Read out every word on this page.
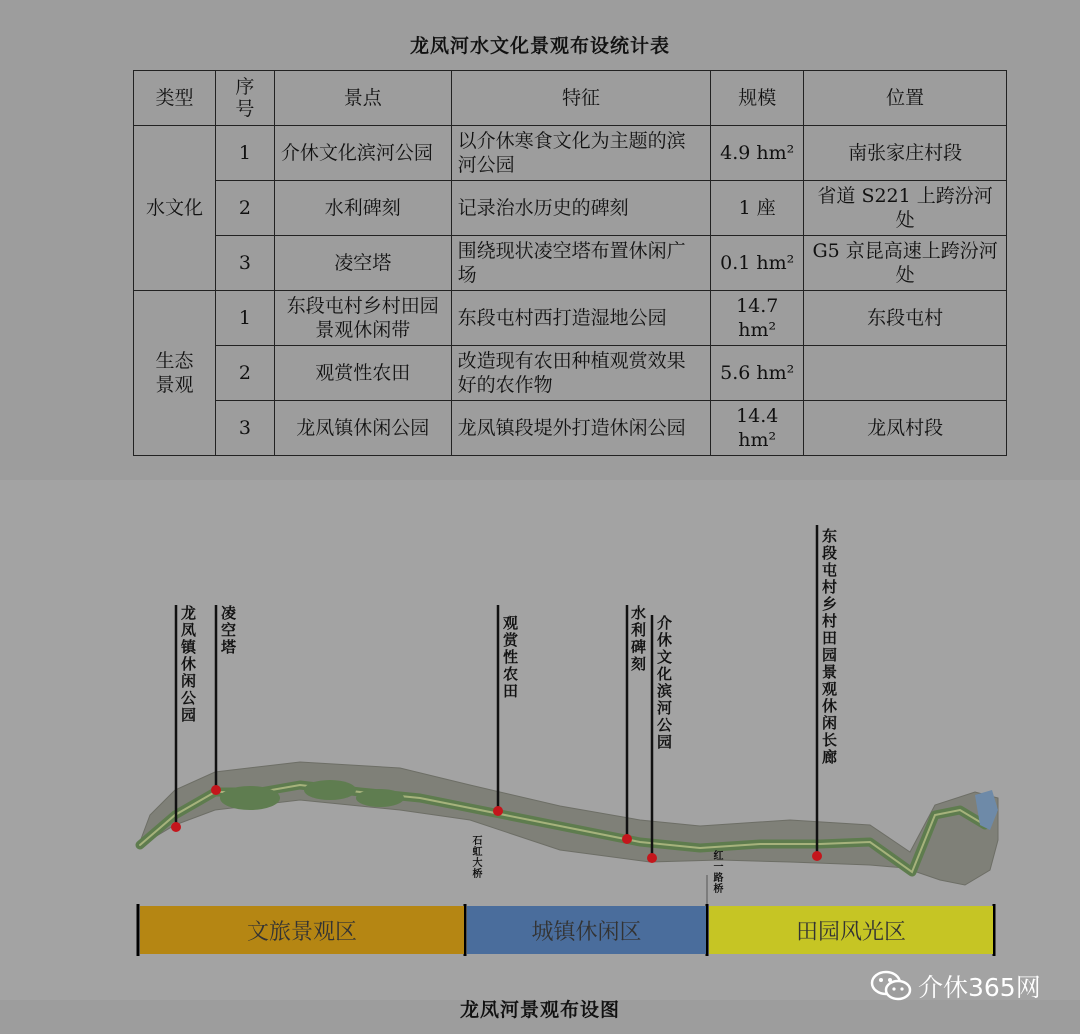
龙凤河水文化景观布设统计表
类型	序号	景点	特征	规模	位置
水文化	1	介休文化滨河公园	以介休寒食文化为主题的滨河公园	4.9 hm²	南张家庄村段
	2	水利碑刻	记录治水历史的碑刻	1 座	省道 S221 上跨汾河处
	3	凌空塔	围绕现状凌空塔布置休闲广场	0.1 hm²	G5 京昆高速上跨汾河处
生态景观	1	东段屯村乡村田园景观休闲带	东段屯村西打造湿地公园	14.7 hm²	东段屯村
	2	观赏性农田	改造现有农田种植观赏效果好的农作物	5.6 hm²	
	3	龙凤镇休闲公园	龙凤镇段堤外打造休闲公园	14.4 hm²	龙凤村段
龙凤镇休闲公园 凌空塔	观赏性农田	水利碑刻 介休文化滨河公园	东段屯村乡村田园景观休闲长廊
石虹大桥	红一路桥
文旅景观区	城镇休闲区	田园风光区
龙凤河景观布设图
介休365网
